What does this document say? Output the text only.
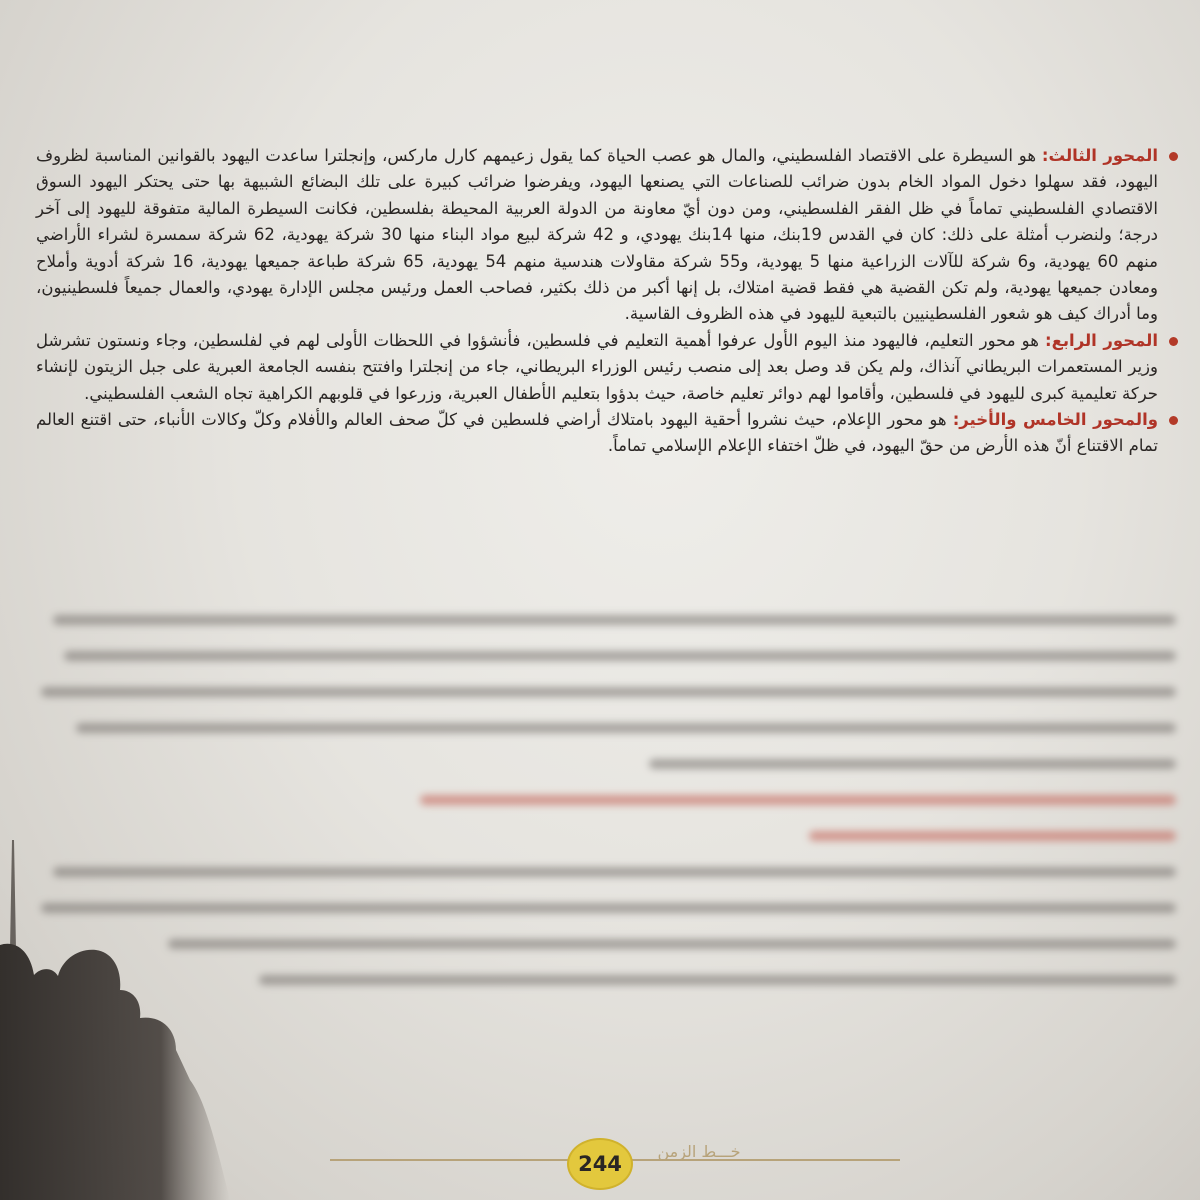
المحور الثالث: هو السيطرة على الاقتصاد الفلسطيني، والمال هو عصب الحياة كما يقول زعيمهم كارل ماركس، وإنجلترا ساعدت اليهود بالقوانين المناسبة لظروف اليهود، فقد سهلوا دخول المواد الخام بدون ضرائب للصناعات التي يصنعها اليهود، ويفرضوا ضرائب كبيرة على تلك البضائع الشبيهة بها حتى يحتكر اليهود السوق الاقتصادي الفلسطيني تماماً في ظل الفقر الفلسطيني، ومن دون أيّ معاونة من الدولة العربية المحيطة بفلسطين، فكانت السيطرة المالية متفوقة لليهود إلى آخر درجة؛ ولنضرب أمثلة على ذلك: كان في القدس 19بنك، منها 14بنك يهودي، و 42 شركة لبيع مواد البناء منها 30 شركة يهودية، 62 شركة سمسرة لشراء الأراضي منهم 60 يهودية، و6 شركة للآلات الزراعية منها 5 يهودية، و55 شركة مقاولات هندسية منهم 54 يهودية، 65 شركة طباعة جميعها يهودية، 16 شركة أدوية وأملاح ومعادن جميعها يهودية، ولم تكن القضية هي فقط قضية امتلاك، بل إنها أكبر من ذلك بكثير، فصاحب العمل ورئيس مجلس الإدارة يهودي، والعمال جميعاً فلسطينيون، وما أدراك كيف هو شعور الفلسطينيين بالتبعية لليهود في هذه الظروف القاسية.
المحور الرابع: هو محور التعليم، فاليهود منذ اليوم الأول عرفوا أهمية التعليم في فلسطين، فأنشؤوا في اللحظات الأولى لهم في لفلسطين، وجاء ونستون تشرشل وزير المستعمرات البريطاني آنذاك، ولم يكن قد وصل بعد إلى منصب رئيس الوزراء البريطاني، جاء من إنجلترا وافتتح بنفسه الجامعة العبرية على جبل الزيتون لإنشاء حركة تعليمية كبرى لليهود في فلسطين، وأقاموا لهم دوائر تعليم خاصة، حيث بدؤوا بتعليم الأطفال العبرية، وزرعوا في قلوبهم الكراهية تجاه الشعب الفلسطيني.
والمحور الخامس والأخير: هو محور الإعلام، حيث نشروا أحقية اليهود بامتلاك أراضي فلسطين في كلّ صحف العالم والأفلام وكلّ وكالات الأنباء، حتى اقتنع العالم تمام الاقتناع أنّ هذه الأرض من حقّ اليهود، في ظلّ اختفاء الإعلام الإسلامي تماماً.
244
خـــط الزمن
